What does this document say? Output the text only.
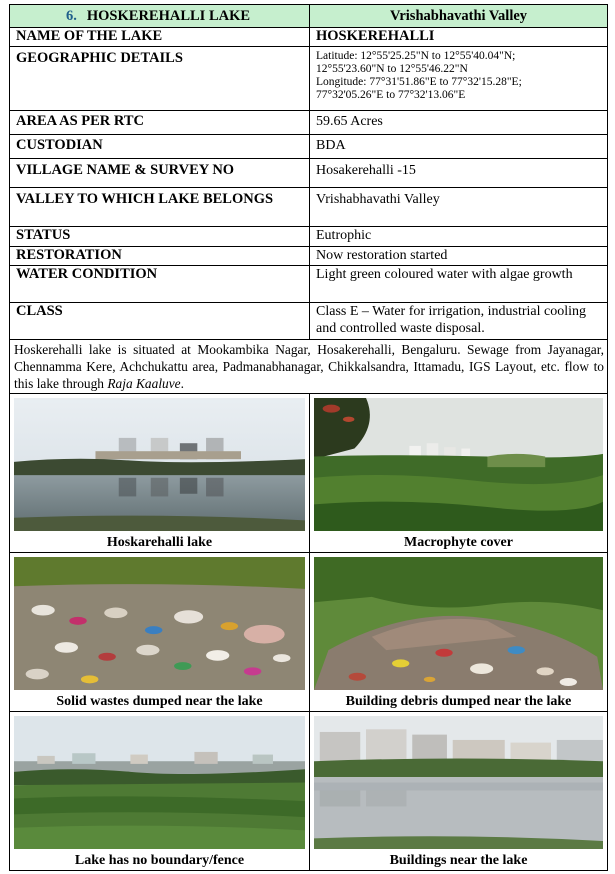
6. HOSKEREHALLI LAKE	Vrishabhavathi Valley
NAME OF THE LAKE	HOSKEREHALLI
GEOGRAPHIC DETAILS	Latitude: 12°55'25.25"N to 12°55'40.04"N;
12°55'23.60"N to 12°55'46.22"N
Longitude: 77°31'51.86"E to 77°32'15.28"E;
77°32'05.26"E to 77°32'13.06"E

AREA AS PER RTC	59.65 Acres
CUSTODIAN	BDA
VILLAGE NAME & SURVEY NO	Hosakerehalli -15
VALLEY TO WHICH LAKE BELONGS	Vrishabhavathi Valley
STATUS	Eutrophic
RESTORATION	Now restoration started
WATER CONDITION	Light green coloured water with algae growth
CLASS	Class E – Water for irrigation, industrial cooling and controlled waste disposal.
Hoskerehalli lake is situated at Mookambika Nagar, Hosakerehalli, Bengaluru. Sewage from Jayanagar, Chennamma Kere, Achchukattu area, Padmanabhanagar, Chikkalsandra, Ittamadu, IGS Layout, etc. flow to this lake through Raja Kaaluve.	

Hoskarehalli lake	Macrophyte cover

Solid wastes dumped near the lake	Building debris dumped near the lake

Lake has no boundary/fence	Buildings near the lake
